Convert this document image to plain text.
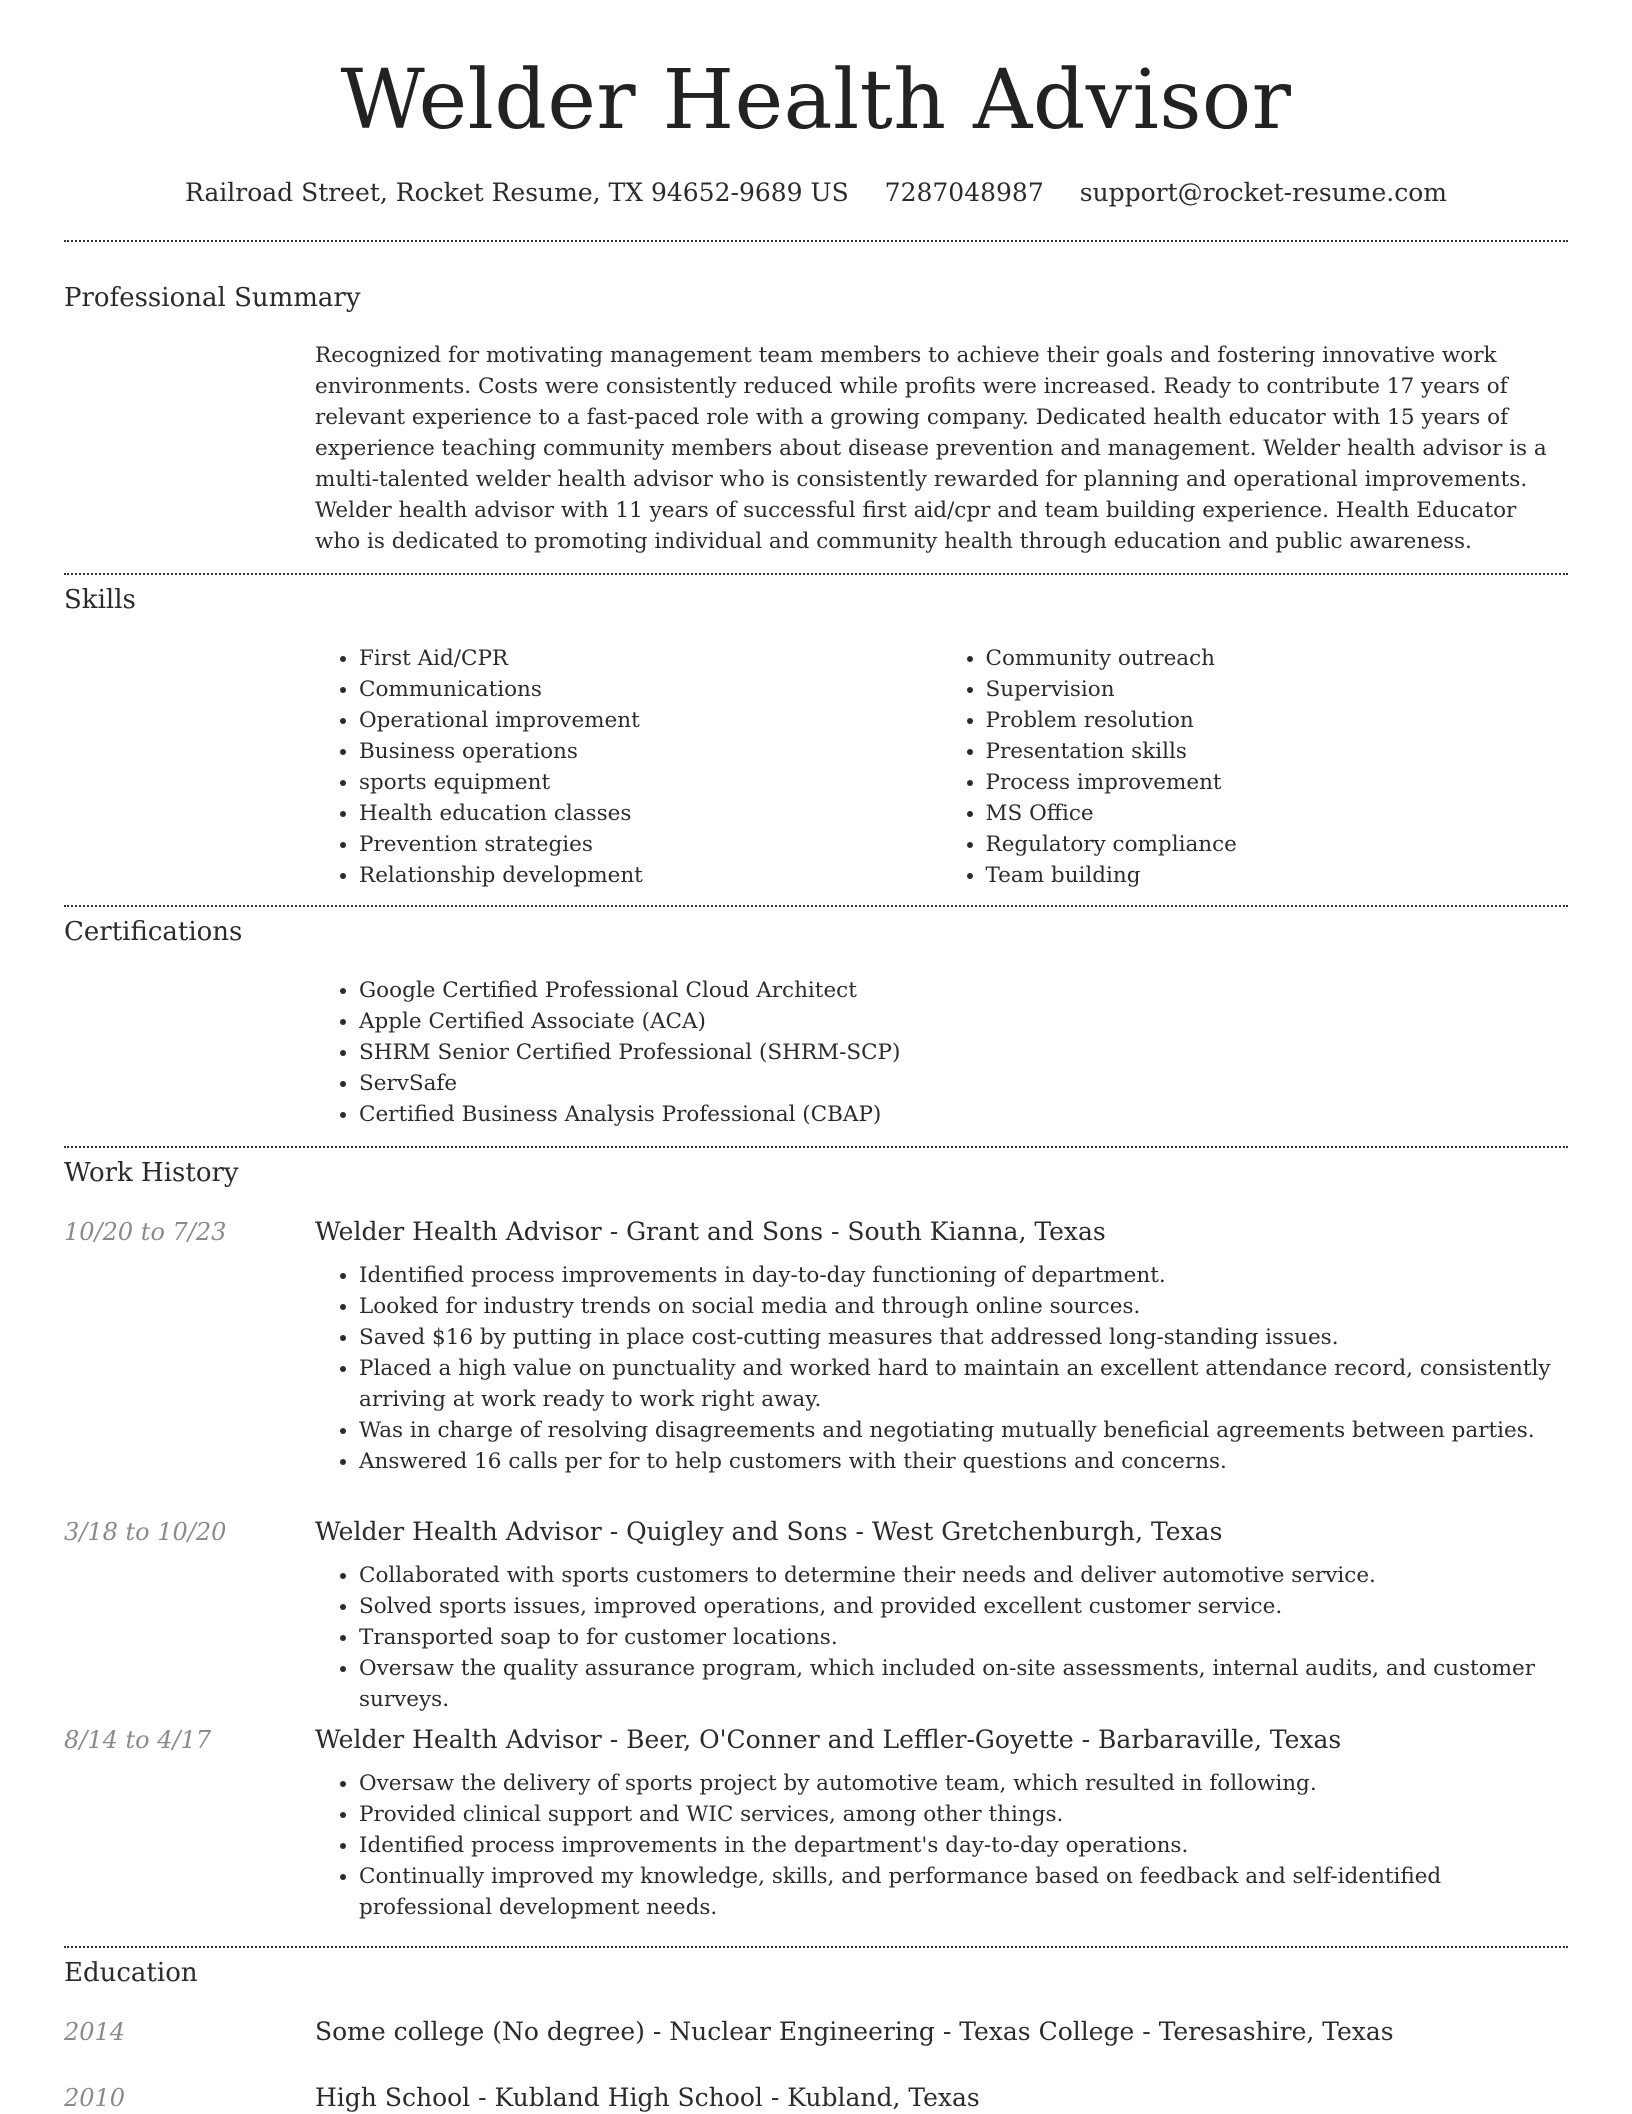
Welder Health Advisor
Railroad Street, Rocket Resume, TX 94652-9689 US 7287048987 support@rocket-resume.com
Professional Summary

Recognized for motivating management team members to achieve their goals and fostering innovative work environments. Costs were consistently reduced while profits were increased. Ready to contribute 17 years of relevant experience to a fast-paced role with a growing company. Dedicated health educator with 15 years of experience teaching community members about disease prevention and management. Welder health advisor is a multi-talented welder health advisor who is consistently rewarded for planning and operational improvements. Welder health advisor with 11 years of successful first aid/cpr and team building experience. Health Educator who is dedicated to promoting individual and community health through education and public awareness.

Skills
• First Aid/CPR
• Communications
• Operational improvement
• Business operations
• sports equipment
• Health education classes
• Prevention strategies
• Relationship development
• Community outreach
• Supervision
• Problem resolution
• Presentation skills
• Process improvement
• MS Office
• Regulatory compliance
• Team building
Certifications
• Google Certified Professional Cloud Architect
• Apple Certified Associate (ACA)
• SHRM Senior Certified Professional (SHRM-SCP)
• ServSafe
• Certified Business Analysis Professional (CBAP)
Work History
10/20 to 7/23	Welder Health Advisor - Grant and Sons - South Kianna, Texas
• Identified process improvements in day-to-day functioning of department.
• Looked for industry trends on social media and through online sources.
• Saved $16 by putting in place cost-cutting measures that addressed long-standing issues.
• Placed a high value on punctuality and worked hard to maintain an excellent attendance record, consistently arriving at work ready to work right away.
• Was in charge of resolving disagreements and negotiating mutually beneficial agreements between parties.
• Answered 16 calls per for to help customers with their questions and concerns.
3/18 to 10/20	Welder Health Advisor - Quigley and Sons - West Gretchenburgh, Texas
• Collaborated with sports customers to determine their needs and deliver automotive service.
• Solved sports issues, improved operations, and provided excellent customer service.
• Transported soap to for customer locations.
• Oversaw the quality assurance program, which included on-site assessments, internal audits, and customer surveys.
8/14 to 4/17	Welder Health Advisor - Beer, O'Conner and Leffler-Goyette - Barbaraville, Texas
• Oversaw the delivery of sports project by automotive team, which resulted in following.
• Provided clinical support and WIC services, among other things.
• Identified process improvements in the department's day-to-day operations.
• Continually improved my knowledge, skills, and performance based on feedback and self-identified professional development needs.
Education
2014	Some college (No degree) - Nuclear Engineering - Texas College - Teresashire, Texas
2010	High School - Kubland High School - Kubland, Texas
